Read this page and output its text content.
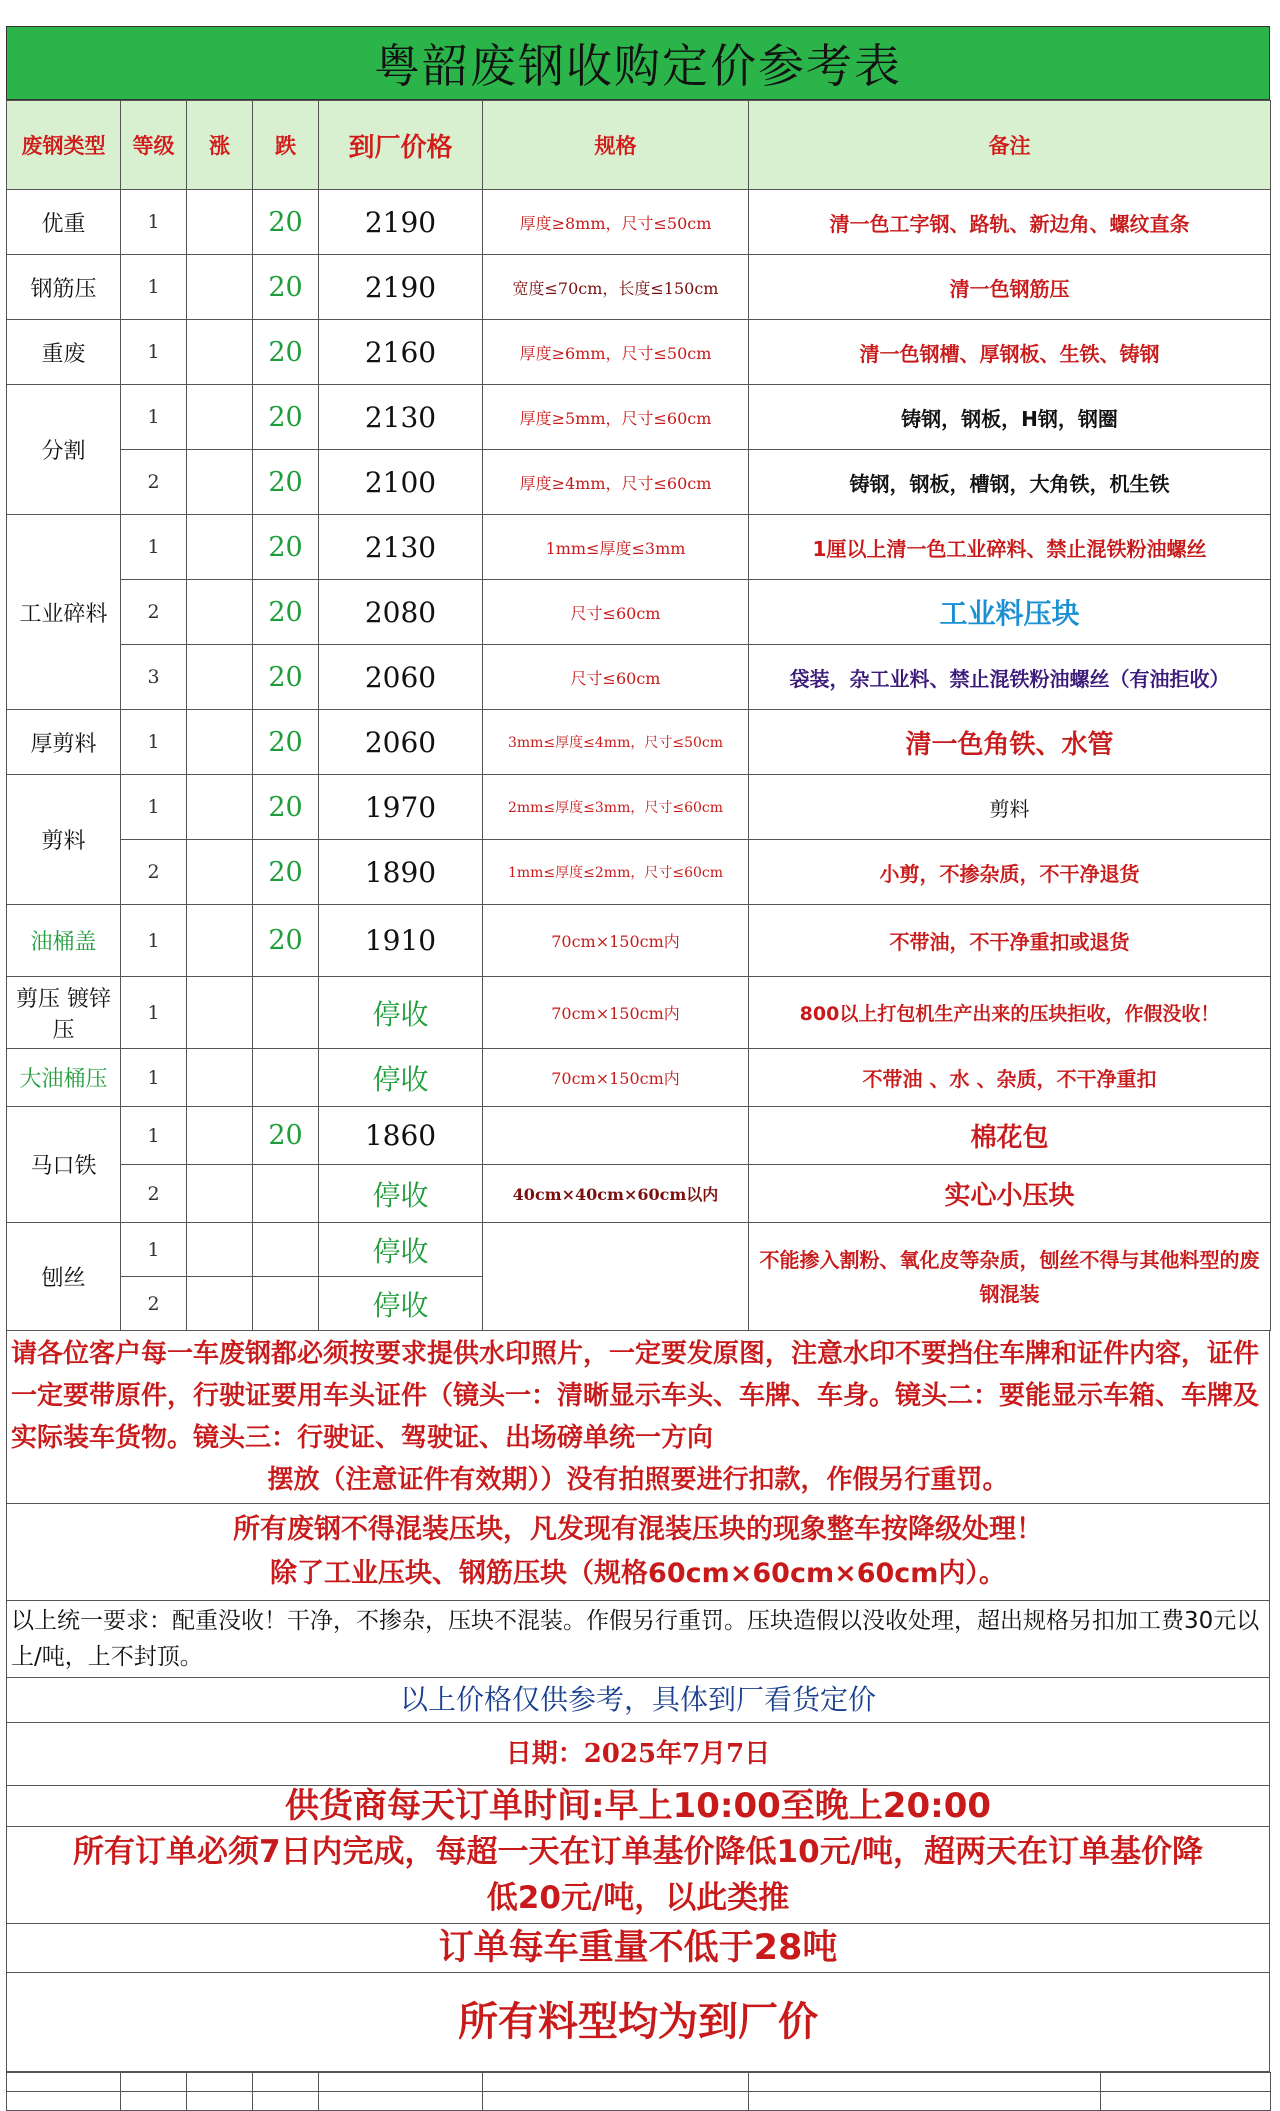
粤韶废钢收购定价参考表
废钢类型	等级	涨	跌	到厂价格	规格	备注
优重	1		20	2190	厚度≥8mm，尺寸≤50cm	清一色工字钢、路轨、新边角、螺纹直条
钢筋压	1		20	2190	宽度≤70cm，长度≤150cm	清一色钢筋压
重废	1		20	2160	厚度≥6mm，尺寸≤50cm	清一色钢槽、厚钢板、生铁、铸钢
分割	1		20	2130	厚度≥5mm，尺寸≤60cm	铸钢，钢板，H钢，钢圈
	2		20	2100	厚度≥4mm，尺寸≤60cm	铸钢，钢板，槽钢，大角铁，机生铁
工业碎料	1		20	2130	1mm≤厚度≤3mm	1厘以上清一色工业碎料、禁止混铁粉油螺丝
	2		20	2080	尺寸≤60cm	工业料压块
	3		20	2060	尺寸≤60cm	袋装，杂工业料、禁止混铁粉油螺丝（有油拒收）
厚剪料	1		20	2060	3mm≤厚度≤4mm，尺寸≤50cm	清一色角铁、水管
剪料	1		20	1970	2mm≤厚度≤3mm，尺寸≤60cm	剪料
	2		20	1890	1mm≤厚度≤2mm，尺寸≤60cm	小剪，不掺杂质，不干净退货
油桶盖	1		20	1910	70cm×150cm内	不带油，不干净重扣或退货
剪压 镀锌压	1			停收	70cm×150cm内	800以上打包机生产出来的压块拒收，作假没收！
大油桶压	1			停收	70cm×150cm内	不带油 、水 、杂质，不干净重扣
马口铁	1		20	1860		棉花包
	2			停收	40cm×40cm×60cm以内	实心小压块
刨丝	1			停收		不能掺入割粉、氧化皮等杂质，刨丝不得与其他料型的废钢混装
	2			停收		
请各位客户每一车废钢都必须按要求提供水印照片，一定要发原图，注意水印不要挡住车牌和证件内容，证件一定要带原件，行驶证要用车头证件（镜头一：清晰显示车头、车牌、车身。镜头二：要能显示车箱、车牌及实际装车货物。镜头三：行驶证、驾驶证、出场磅单统一方向
摆放（注意证件有效期））没有拍照要进行扣款，作假另行重罚。
所有废钢不得混装压块，凡发现有混装压块的现象整车按降级处理！
除了工业压块、钢筋压块（规格60cm×60cm×60cm内）。
以上统一要求：配重没收！干净，不掺杂，压块不混装。作假另行重罚。压块造假以没收处理，超出规格另扣加工费30元以上/吨，上不封顶。
以上价格仅供参考，具体到厂看货定价
日期：2025年7月7日
供货商每天订单时间:早上10:00至晚上20:00
所有订单必须7日内完成，每超一天在订单基价降低10元/吨，超两天在订单基价降
低20元/吨，以此类推
订单每车重量不低于28吨
所有料型均为到厂价
